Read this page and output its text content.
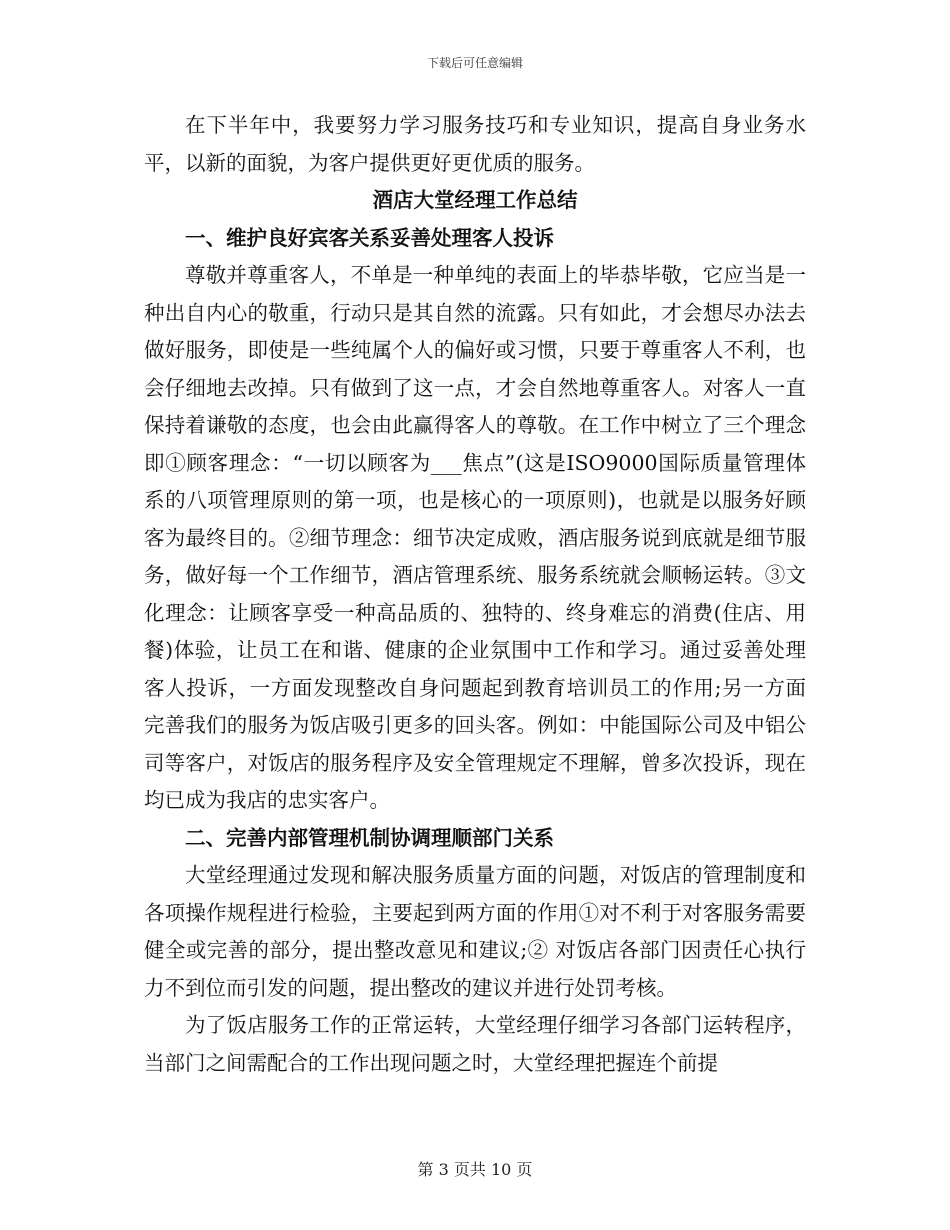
下载后可任意编辑

在下半年中，我要努力学习服务技巧和专业知识，提高自身业务水平，以新的面貌，为客户提供更好更优质的服务。

酒店大堂经理工作总结
一、维护良好宾客关系妥善处理客人投诉

尊敬并尊重客人，不单是一种单纯的表面上的毕恭毕敬，它应当是一种出自内心的敬重，行动只是其自然的流露。只有如此，才会想尽办法去做好服务，即使是一些纯属个人的偏好或习惯，只要于尊重客人不利，也会仔细地去改掉。只有做到了这一点，才会自然地尊重客人。对客人一直保持着谦敬的态度，也会由此赢得客人的尊敬。在工作中树立了三个理念即①顾客理念：“一切以顾客为___焦点”(这是ISO9000国际质量管理体系的八项管理原则的第一项，也是核心的一项原则)，也就是以服务好顾客为最终目的。②细节理念：细节决定成败，酒店服务说到底就是细节服务，做好每一个工作细节，酒店管理系统、服务系统就会顺畅运转。③文化理念：让顾客享受一种高品质的、独特的、终身难忘的消费(住店、用餐)体验，让员工在和谐、健康的企业氛围中工作和学习。通过妥善处理客人投诉，一方面发现整改自身问题起到教育培训员工的作用;另一方面完善我们的服务为饭店吸引更多的回头客。例如：中能国际公司及中铝公司等客户，对饭店的服务程序及安全管理规定不理解，曾多次投诉，现在均已成为我店的忠实客户。

二、完善内部管理机制协调理顺部门关系

大堂经理通过发现和解决服务质量方面的问题，对饭店的管理制度和各项操作规程进行检验，主要起到两方面的作用①对不利于对客服务需要健全或完善的部分，提出整改意见和建议;② 对饭店各部门因责任心执行力不到位而引发的问题，提出整改的建议并进行处罚考核。

为了饭店服务工作的正常运转，大堂经理仔细学习各部门运转程序，当部门之间需配合的工作出现问题之时，大堂经理把握连个前提

第 3 页共 10 页
